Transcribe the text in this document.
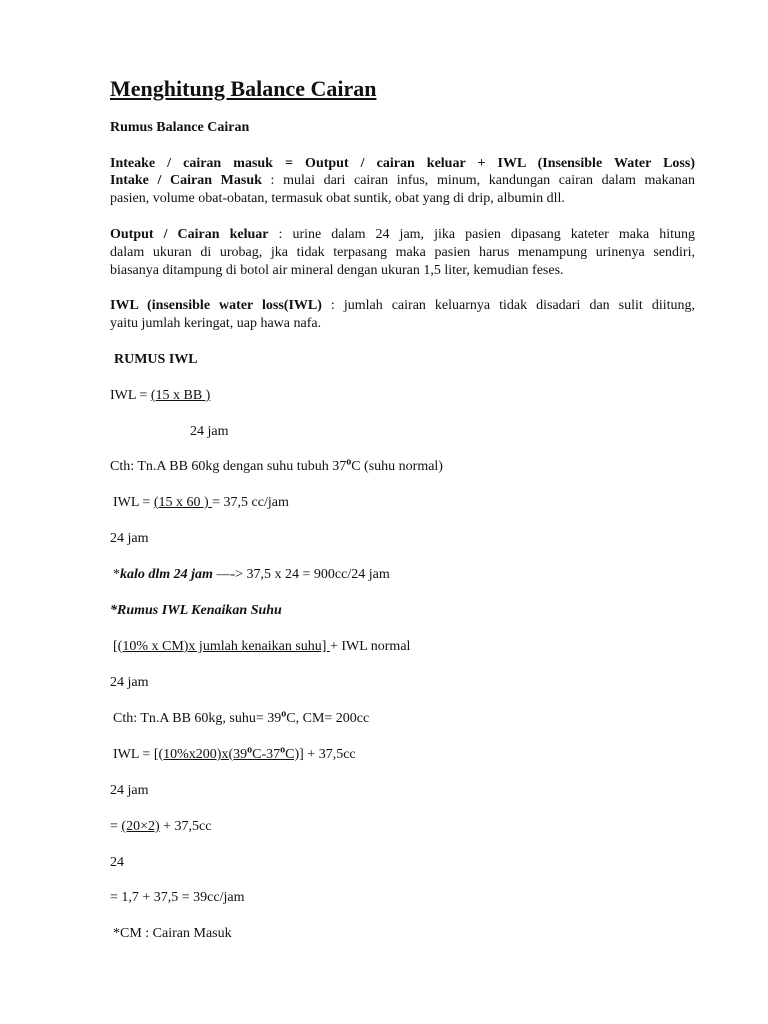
Menghitung Balance Cairan
Rumus Balance Cairan
Inteake / cairan masuk = Output / cairan keluar + IWL (Insensible Water Loss)
Intake / Cairan Masuk : mulai dari cairan infus, minum, kandungan cairan dalam makanan
pasien, volume obat-obatan, termasuk obat suntik, obat yang di drip, albumin dll.
Output / Cairan keluar : urine dalam 24 jam, jika pasien dipasang kateter maka hitung
dalam ukuran di urobag, jka tidak terpasang maka pasien harus menampung urinenya sendiri,
biasanya ditampung di botol air mineral dengan ukuran 1,5 liter, kemudian feses.
IWL (insensible water loss(IWL) : jumlah cairan keluarnya tidak disadari dan sulit diitung,
yaitu jumlah keringat, uap hawa nafa.
RUMUS IWL
IWL = (15 x BB )
24 jam
Cth: Tn.A BB 60kg dengan suhu tubuh 37$^o$C (suhu normal)
IWL = (15 x 60 ) = 37,5 cc/jam
24 jam
*kalo dlm 24 jam —-> 37,5 x 24 = 900cc/24 jam
*Rumus IWL Kenaikan Suhu
[(10% x CM)x jumlah kenaikan suhu] + IWL normal
24 jam
Cth: Tn.A BB 60kg, suhu= $39^oC$, CM= 200cc
IWL = $[(10\%x200)x(39^oC-37^oC)] + 37,5cc$
24 jam
= (20×2) + 37,5cc
24
= 1,7 + 37,5 = 39cc/jam
*CM : Cairan Masuk
